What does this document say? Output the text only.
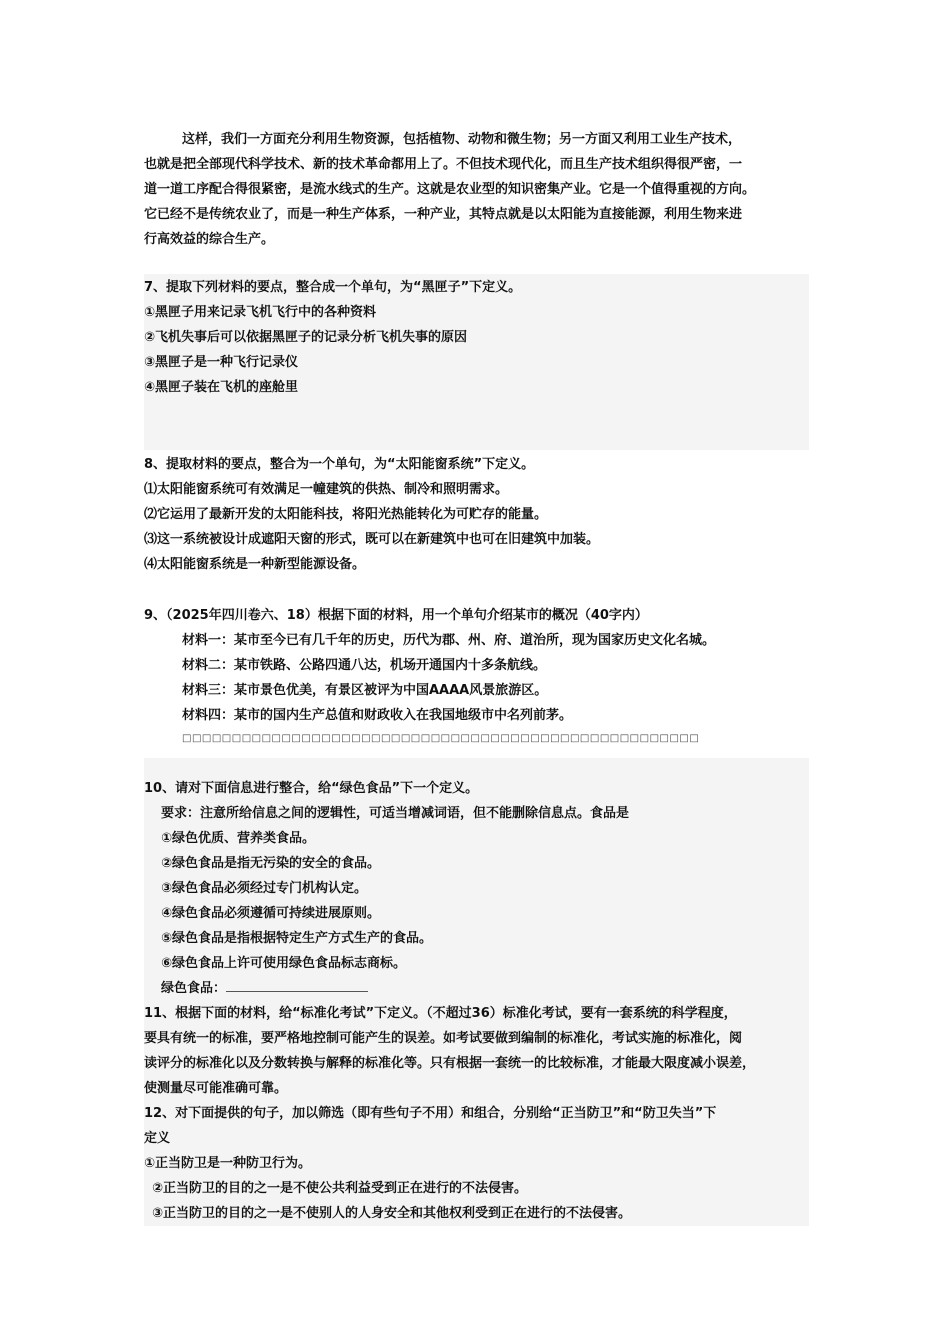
这样，我们一方面充分利用生物资源，包括植物、动物和微生物；另一方面又利用工业生产技术，
也就是把全部现代科学技术、新的技术革命都用上了。不但技术现代化，而且生产技术组织得很严密，一
道一道工序配合得很紧密，是流水线式的生产。这就是农业型的知识密集产业。它是一个值得重视的方向。
它已经不是传统农业了，而是一种生产体系，一种产业，其特点就是以太阳能为直接能源，利用生物来进
行高效益的综合生产。
7、提取下列材料的要点，整合成一个单句，为“黑匣子”下定义。
①黑匣子用来记录飞机飞行中的各种资料
②飞机失事后可以依据黑匣子的记录分析飞机失事的原因
③黑匣子是一种飞行记录仪
④黑匣子装在飞机的座舱里
8、提取材料的要点，整合为一个单句，为“太阳能窗系统”下定义。
⑴太阳能窗系统可有效满足一幢建筑的供热、制冷和照明需求。
⑵它运用了最新开发的太阳能科技，将阳光热能转化为可贮存的能量。
⑶这一系统被设计成遮阳天窗的形式，既可以在新建筑中也可在旧建筑中加装。
⑷太阳能窗系统是一种新型能源设备。
9、（2025年四川卷六、18）根据下面的材料，用一个单句介绍某市的概况（40字内）
材料一：某市至今已有几千年的历史，历代为郡、州、府、道治所，现为国家历史文化名城。
材料二：某市铁路、公路四通八达，机场开通国内十多条航线。
材料三：某市景色优美，有景区被评为中国AAAA风景旅游区。
材料四：某市的国内生产总值和财政收入在我国地级市中名列前茅。
□□□□□□□□□□□□□□□□□□□□□□□□□□□□□□□□□□□□□□□□□□□□□□□□□□□□
10、请对下面信息进行整合，给“绿色食品”下一个定义。
要求：注意所给信息之间的逻辑性，可适当增减词语，但不能删除信息点。食品是
①绿色优质、营养类食品。
②绿色食品是指无污染的安全的食品。
③绿色食品必须经过专门机构认定。
④绿色食品必须遵循可持续进展原则。
⑤绿色食品是指根据特定生产方式生产的食品。
⑥绿色食品上许可使用绿色食品标志商标。
绿色食品：
11、根据下面的材料，给“标准化考试”下定义。（不超过36）标准化考试，要有一套系统的科学程度，
要具有统一的标准，要严格地控制可能产生的误差。如考试要做到编制的标准化，考试实施的标准化，阅
读评分的标准化以及分数转换与解释的标准化等。只有根据一套统一的比较标准，才能最大限度减小误差，
使测量尽可能准确可靠。
12、对下面提供的句子，加以筛选（即有些句子不用）和组合，分别给“正当防卫”和“防卫失当”下
定义
①正当防卫是一种防卫行为。
②正当防卫的目的之一是不使公共利益受到正在进行的不法侵害。
③正当防卫的目的之一是不使别人的人身安全和其他权利受到正在进行的不法侵害。
